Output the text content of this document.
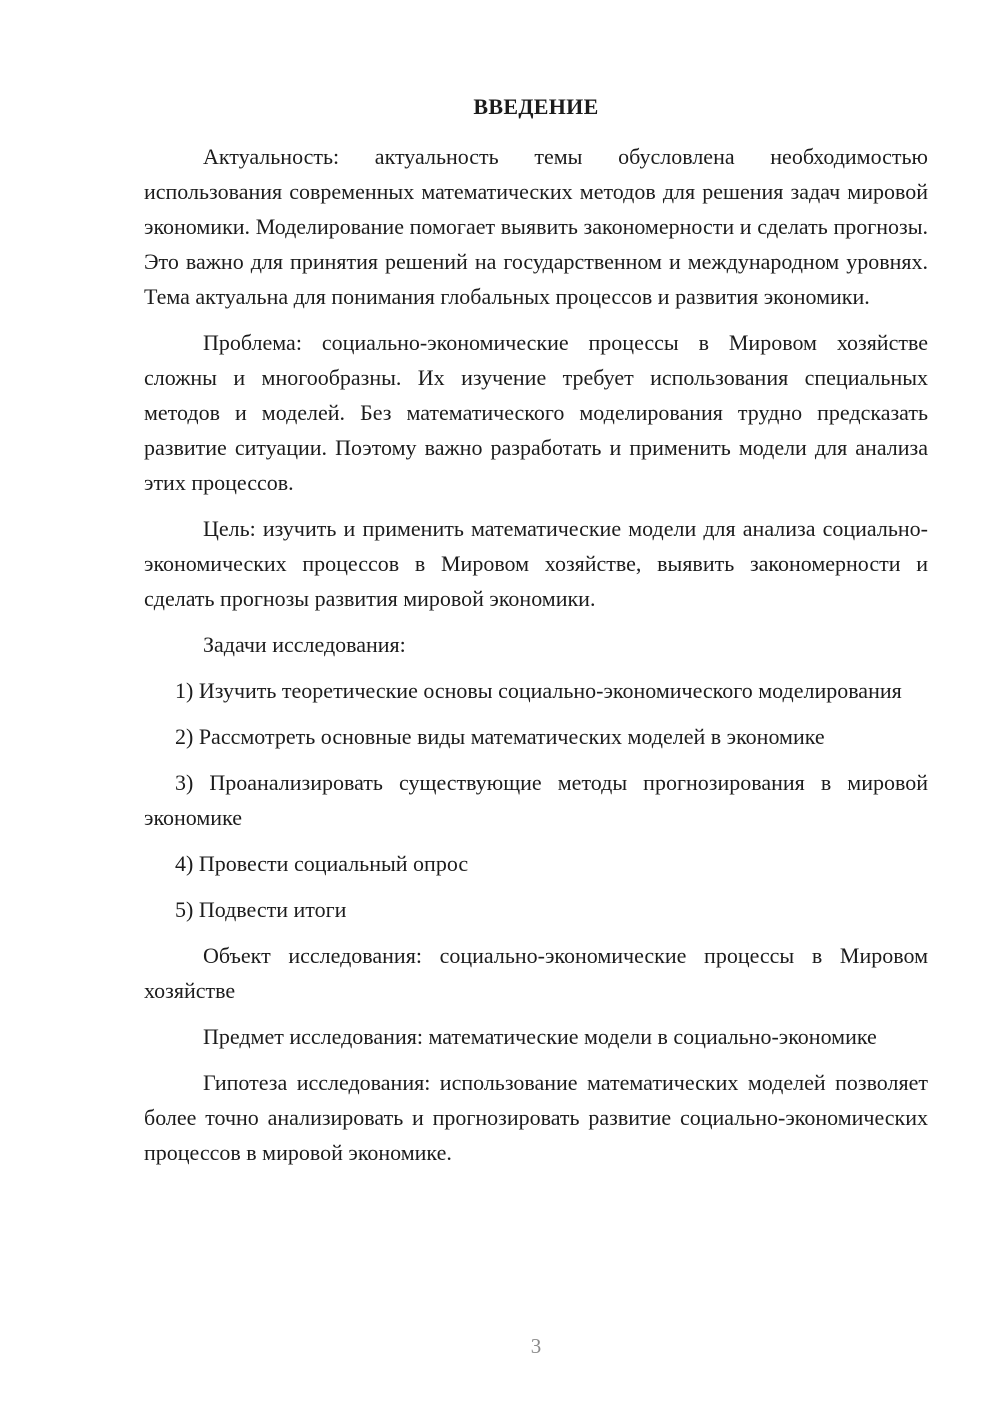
ВВЕДЕНИЕ

Актуальность: актуальность темы обусловлена необходимостью использования современных математических методов для решения задач мировой экономики. Моделирование помогает выявить закономерности и сделать прогнозы. Это важно для принятия решений на государственном и международном уровнях. Тема актуальна для понимания глобальных процессов и развития экономики.

Проблема: социально-экономические процессы в Мировом хозяйстве сложны и многообразны. Их изучение требует использования специальных методов и моделей. Без математического моделирования трудно предсказать развитие ситуации. Поэтому важно разработать и применить модели для анализа этих процессов.

Цель: изучить и применить математические модели для анализа социально-экономических процессов в Мировом хозяйстве, выявить закономерности и сделать прогнозы развития мировой экономики.

Задачи исследования:

1) Изучить теоретические основы социально-экономического моделирования

2) Рассмотреть основные виды математических моделей в экономике

3) Проанализировать существующие методы прогнозирования в мировой экономике

4) Провести социальный опрос

5) Подвести итоги

Объект исследования: социально-экономические процессы в Мировом хозяйстве

Предмет исследования: математические модели в социально-экономике

Гипотеза исследования: использование математических моделей позволяет более точно анализировать и прогнозировать развитие социально-экономических процессов в мировой экономике.

3
